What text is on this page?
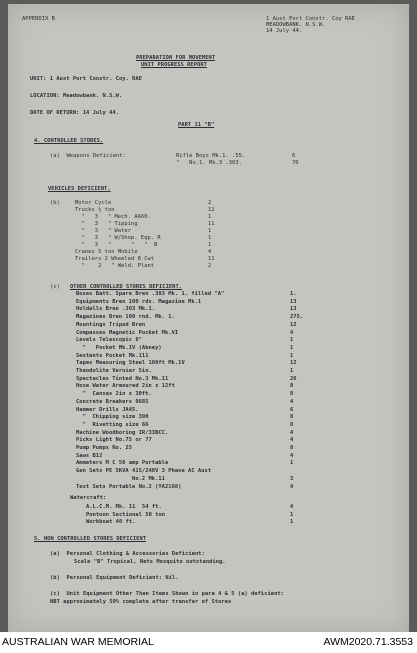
APPENDIX B	1 Aust Port Constr. Coy RAE
MEADOWBANK. N.S.W.
14 July 44.
PREPARATION FOR MOVEMENT
UNIT PROGRESS REPORT
UNIT: 1 Aust Port Constr. Coy. RAE
LOCATION: Meadowbank. N.S.W.
DATE OF RETURN: 14 July 44.
PART 11 "B"
4. CONTROLLED STORES.
(a)  Weapons Deficient:
VEHICLES DEFICIENT.
(b)
(c) OTHER CONTROLLED STORES DEFICIENT.
Watercraft:
5. NON CONTROLLED STORES DEFICIENT
(a)  Personal Clothing & Accessories Deficient:
Scale "B" Tropical, Nets Mosquito outstanding.
(b)  Personal Equipment Deficient: Nil.
(c)  Unit Equipment Other Than Items Shown in para 4 & 5 (a) deficient:
NBT approximately 50% complete after transfer of Stores
Rifle Boys Mk.1. .55.	6
"   No.1. Mk.3 .303.	70
Motor Cycle	2
Trucks ½ ton	11
"   3   " Mech. AA60.	1
"   3   " Tipping	11
"   3   " Water	1
"   3   " W/Shop. Eqp. R	1
"   3   "      "   "  B	1
Cranes 5 ton Mobile	4
Trailers 2 Wheeled 8 Cwt	11
"    2   " Weld. Plant	2
Boxes Batt. Spare Bren .303 Mk. 1. filled "A"	1.
Equipments Bren 100 rds. Magazine Mk.1	13
Holdalls Bren .303 Mk.1.	13
Magazines Bren 100 rnd. Mk. 1.	275.
Mountings Tripod Bren	12
Compasses Magnetic Pocket Mk.VI	4
Levels Telescopic 8"	1
"   Pocket Mk.IV (Abney)	1
Sextants Pocket Mk.111	1
Tapes Measuring Steel 100ft Mk.1V	12
Theodolite Vernier 5in.	1
Spectacles Tinted No.3 Mk.11	26
Hose Water Armoured 2in x 12ft	8
"  Canvas 2in x 30ft.	8
Concrete Breakers 0685	4
Hammer Drills JA45.	6
"  Chipping size 390	8
"  Rivetting size 66	8
Machine Woodboring IR/33BCC.	4
Picks Light No.75 or 77	4
Pump Pumps No. 25	8
Saws B12	4
Ammeters M C 50 amp Portable	1
Gen Sets PE 5KVA 415/240V 3 Phase AC Aust
No.2 Mk.11	3
Test Sets Portable No.2 (YA2168)	4
A.L.C.M. Mk. 11  54 ft.	4
Pontoon Sectional 50 ton	1
Workboat 40 ft.	1
AUSTRALIAN WAR MEMORIAL	AWM2020.71.3553
